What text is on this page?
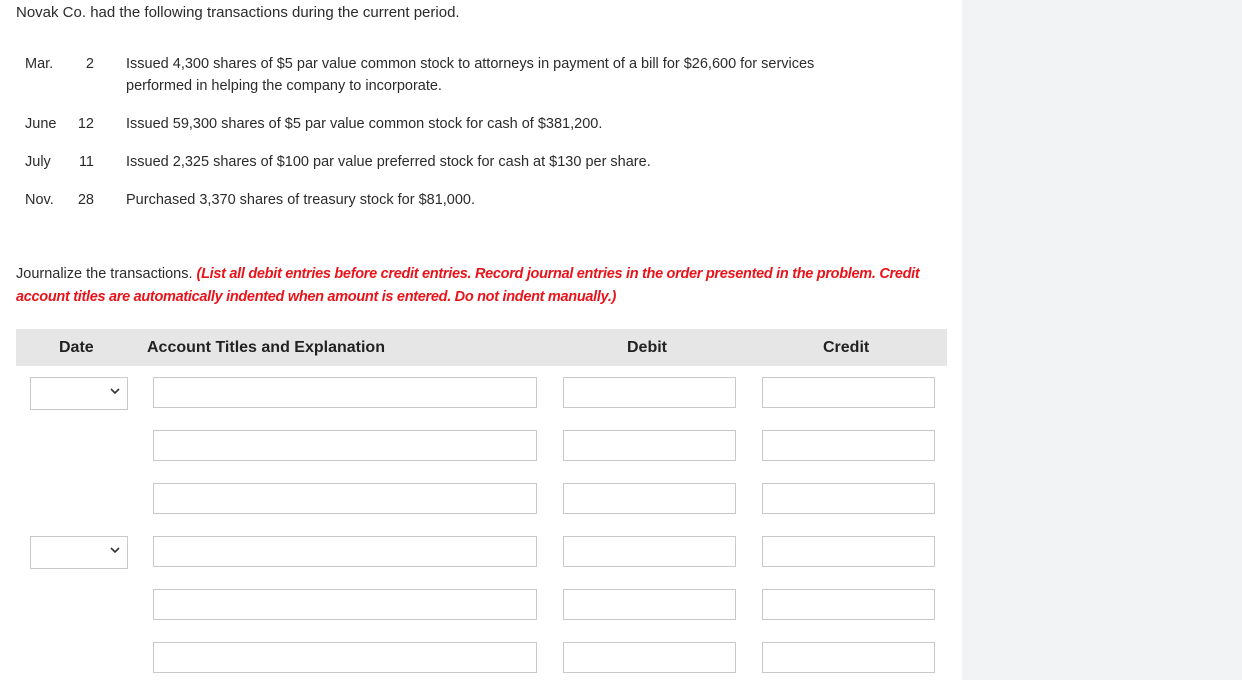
Novak Co. had the following transactions during the current period.
Mar.	2 Issued 4,300 shares of $5 par value common stock to attorneys in payment of a bill for $26,600 for services
performed in helping the company to incorporate.
June	12 Issued 59,300 shares of $5 par value common stock for cash of $381,200.
July	11 Issued 2,325 shares of $100 par value preferred stock for cash at $130 per share.
Nov.	28 Purchased 3,370 shares of treasury stock for $81,000.
Journalize the transactions. (List all debit entries before credit entries. Record journal entries in the order presented in the problem. Credit account titles are automatically indented when amount is entered. Do not indent manually.)
Date	Account Titles and Explanation	Debit	Credit
